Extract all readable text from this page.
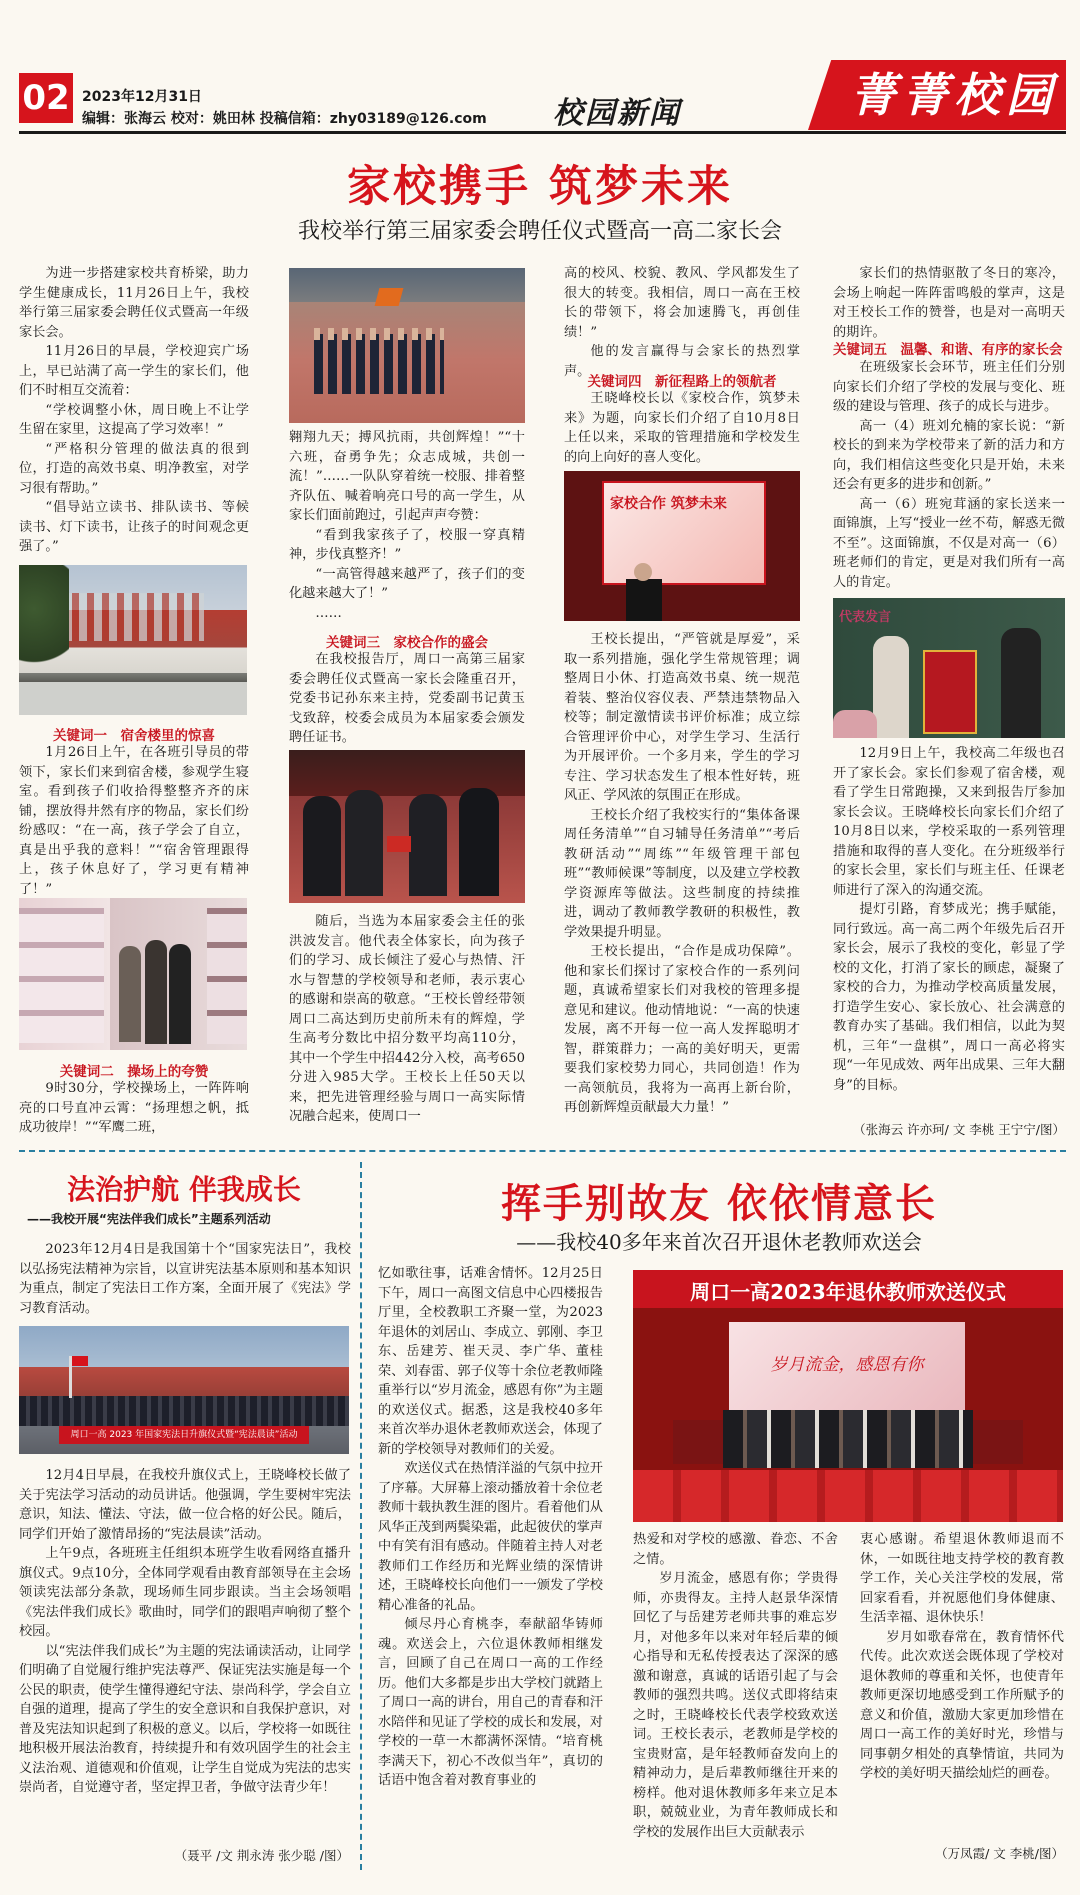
02 2023年12月31日
编辑：张海云 校对：姚田林 投稿信箱：zhy03189@126.com 校园新闻	菁菁校园
家校携手 筑梦未来
我校举行第三届家委会聘任仪式暨高一高二家长会

为进一步搭建家校共育桥梁，助力学生健康成长，11月26日上午，我校举行第三届家委会聘任仪式暨高一年级家长会。

11月26日的早晨，学校迎宾广场上，早已站满了高一学生的家长们，他们不时相互交流着：

“学校调整小休，周日晚上不让学生留在家里，这提高了学习效率！”

“严格积分管理的做法真的很到位，打造的高效书桌、明净教室，对学习很有帮助。”

“倡导站立读书、排队读书、等候读书、灯下读书，让孩子的时间观念更强了。”

关键词一　宿舍楼里的惊喜

1月26日上午，在各班引导员的带领下，家长们来到宿舍楼，参观学生寝室。看到孩子们收拾得整整齐齐的床铺，摆放得井然有序的物品，家长们纷纷感叹：“在一高，孩子学会了自立，真是出乎我的意料！”“宿舍管理跟得上，孩子休息好了，学习更有精神了！”

关键词二　操场上的夸赞

9时30分，学校操场上，一阵阵响亮的口号直冲云霄：“扬理想之帆，抵成功彼岸！”“军鹰二班，

翱翔九天；搏风抗雨，共创辉煌！”“十六班，奋勇争先；众志成城，共创一流！”……一队队穿着统一校服、排着整齐队伍、喊着响亮口号的高一学生，从家长们面前跑过，引起声声夸赞：

“看到我家孩子了，校服一穿真精神，步伐真整齐！”

“一高管得越来越严了，孩子们的变化越来越大了！”

……

关键词三　家校合作的盛会

在我校报告厅，周口一高第三届家委会聘任仪式暨高一家长会隆重召开，党委书记孙东来主持，党委副书记黄玉戈致辞，校委会成员为本届家委会颁发聘任证书。

随后，当选为本届家委会主任的张洪波发言。他代表全体家长，向为孩子们的学习、成长倾注了爱心与热情、汗水与智慧的学校领导和老师，表示衷心的感谢和崇高的敬意。“王校长曾经带领周口二高达到历史前所未有的辉煌，学生高考分数比中招分数平均高110分，其中一个学生中招442分入校，高考650分进入985大学。王校长上任50天以来，把先进管理经验与周口一高实际情况融合起来，使周口一

高的校风、校貌、教风、学风都发生了很大的转变。我相信，周口一高在王校长的带领下，将会加速腾飞，再创佳绩！”

他的发言赢得与会家长的热烈掌声。

关键词四　新征程路上的领航者

王晓峰校长以《家校合作，筑梦未来》为题，向家长们介绍了自10月8日上任以来，采取的管理措施和学校发生的向上向好的喜人变化。

家校合作 筑梦未来

王校长提出，“严管就是厚爱”，采取一系列措施，强化学生常规管理；调整周日小休、打造高效书桌、统一规范着装、整治仪容仪表、严禁违禁物品入校等；制定激情读书评价标准；成立综合管理评价中心，对学生学习、生活行为开展评价。一个多月来，学生的学习专注、学习状态发生了根本性好转，班风正、学风浓的氛围正在形成。

王校长介绍了我校实行的“集体备课周任务清单”“自习辅导任务清单”“考后教研活动”“周练”“年级管理干部包班”“教师候课”等制度，以及建立学校教学资源库等做法。这些制度的持续推进，调动了教师教学教研的积极性，教学效果提升明显。

王校长提出，“合作是成功保障”。他和家长们探讨了家校合作的一系列问题，真诚希望家长们对我校的管理多提意见和建议。他动情地说：“一高的快速发展，离不开每一位一高人发挥聪明才智，群策群力；一高的美好明天，更需要我们家校势力同心，共同创造！作为一高领航员，我将为一高再上新台阶，再创新辉煌贡献最大力量！”

家长们的热情驱散了冬日的寒冷，会场上响起一阵阵雷鸣般的掌声，这是对王校长工作的赞誉，也是对一高明天的期许。

关键词五　温馨、和谐、有序的家长会

在班级家长会环节，班主任们分别向家长们介绍了学校的发展与变化、班级的建设与管理、孩子的成长与进步。

高一（4）班刘允楠的家长说：“新校长的到来为学校带来了新的活力和方向，我们相信这些变化只是开始，未来还会有更多的进步和创新。”

高一（6）班宛茸涵的家长送来一面锦旗，上写“授业一丝不苟，解惑无微不至”。这面锦旗，不仅是对高一（6）班老师们的肯定，更是对我们所有一高人的肯定。

代表发言

12月9日上午，我校高二年级也召开了家长会。家长们参观了宿舍楼，观看了学生日常跑操，又来到报告厅参加家长会议。王晓峰校长向家长们介绍了10月8日以来，学校采取的一系列管理措施和取得的喜人变化。在分班级举行的家长会里，家长们与班主任、任课老师进行了深入的沟通交流。

提灯引路，育梦成光；携手赋能，同行致远。高一高二两个年级先后召开家长会，展示了我校的变化，彰显了学校的文化，打消了家长的顾虑，凝聚了家校的合力，为推动学校高质量发展，打造学生安心、家长放心、社会满意的教育办实了基础。我们相信，以此为契机，三年“一盘棋”，周口一高必将实现“一年见成效、两年出成果、三年大翻身”的目标。

（张海云 许亦珂/ 文 李桃 王宁宁/图）
法治护航 伴我成长
——我校开展“宪法伴我们成长”主题系列活动

2023年12月4日是我国第十个“国家宪法日”，我校以弘扬宪法精神为宗旨，以宣讲宪法基本原则和基本知识为重点，制定了宪法日工作方案，全面开展了《宪法》学习教育活动。

周口一高 2023 年国家宪法日升旗仪式暨“宪法晨读”活动

12月4日早晨，在我校升旗仪式上，王晓峰校长做了关于宪法学习活动的动员讲话。他强调，学生要树牢宪法意识，知法、懂法、守法，做一位合格的好公民。随后，同学们开始了激情昂扬的“宪法晨读”活动。

上午9点，各班班主任组织本班学生收看网络直播升旗仪式。9点10分，全体同学观看由教育部领导在主会场领读宪法部分条款，现场师生同步跟读。当主会场领唱《宪法伴我们成长》歌曲时，同学们的跟唱声响彻了整个校园。

以“宪法伴我们成长”为主题的宪法诵读活动，让同学们明确了自觉履行维护宪法尊严、保证宪法实施是每一个公民的职责，使学生懂得遵纪守法、崇尚科学，学会自立自强的道理，提高了学生的安全意识和自我保护意识，对普及宪法知识起到了积极的意义。以后，学校将一如既往地积极开展法治教育，持续提升和有效巩固学生的社会主义法治观、道德观和价值观，让学生自觉成为宪法的忠实崇尚者，自觉遵守者，坚定捍卫者，争做守法青少年！

（聂平 /文 荆永涛 张少聪 /图）
挥手别故友 依依情意长
——我校40多年来首次召开退休老教师欢送会

忆如歌往事，话难舍情怀。12月25日下午，周口一高图文信息中心四楼报告厅里，全校教职工齐聚一堂，为2023年退休的刘居山、李成立、郭刚、李卫东、岳建芳、崔天灵、李广华、董桂荣、刘春雷、郭子仪等十余位老教师隆重举行以“岁月流金，感恩有你”为主题的欢送仪式。据悉，这是我校40多年来首次举办退休老教师欢送会，体现了新的学校领导对教师们的关爱。

欢送仪式在热情洋溢的气氛中拉开了序幕。大屏幕上滚动播放着十余位老教师十载执教生涯的图片。看着他们从风华正茂到两鬓染霜，此起彼伏的掌声中有笑有泪有感动。伴随着主持人对老教师们工作经历和光辉业绩的深情讲述，王晓峰校长向他们一一颁发了学校精心准备的礼品。

倾尽丹心育桃李，奉献韶华铸师魂。欢送会上，六位退休教师相继发言，回顾了自己在周口一高的工作经历。他们大多都是步出大学校门就踏上了周口一高的讲台，用自己的青春和汗水陪伴和见证了学校的成长和发展，对学校的一草一木都满怀深情。“培育桃李满天下，初心不改似当年”，真切的话语中饱含着对教育事业的

周口一高2023年退休教师欢送仪式
岁月流金，感恩有你

热爱和对学校的感激、眷恋、不舍之情。

岁月流金，感恩有你；学贵得师，亦贵得友。主持人赵景华深情回忆了与岳建芳老师共事的难忘岁月，对他多年以来对年轻后辈的倾心指导和无私传授表达了深深的感激和谢意，真诚的话语引起了与会教师的强烈共鸣。送仪式即将结束之时，王晓峰校长代表学校致欢送词。王校长表示，老教师是学校的宝贵财富，是年轻教师奋发向上的精神动力，是后辈教师继往开来的榜样。他对退休教师多年来立足本职，兢兢业业，为青年教师成长和学校的发展作出巨大贡献表示

衷心感谢。希望退休教师退而不休，一如既往地支持学校的教育教学工作，关心关注学校的发展，常回家看看，并祝愿他们身体健康、生活幸福、退休快乐！

岁月如歌春常在，教育情怀代代传。此次欢送会既体现了学校对退休教师的尊重和关怀，也使青年教师更深切地感受到工作所赋予的意义和价值，激励大家更加珍惜在周口一高工作的美好时光，珍惜与同事朝夕相处的真挚情谊，共同为学校的美好明天描绘灿烂的画卷。

（万凤霞/ 文 李桃/图）
